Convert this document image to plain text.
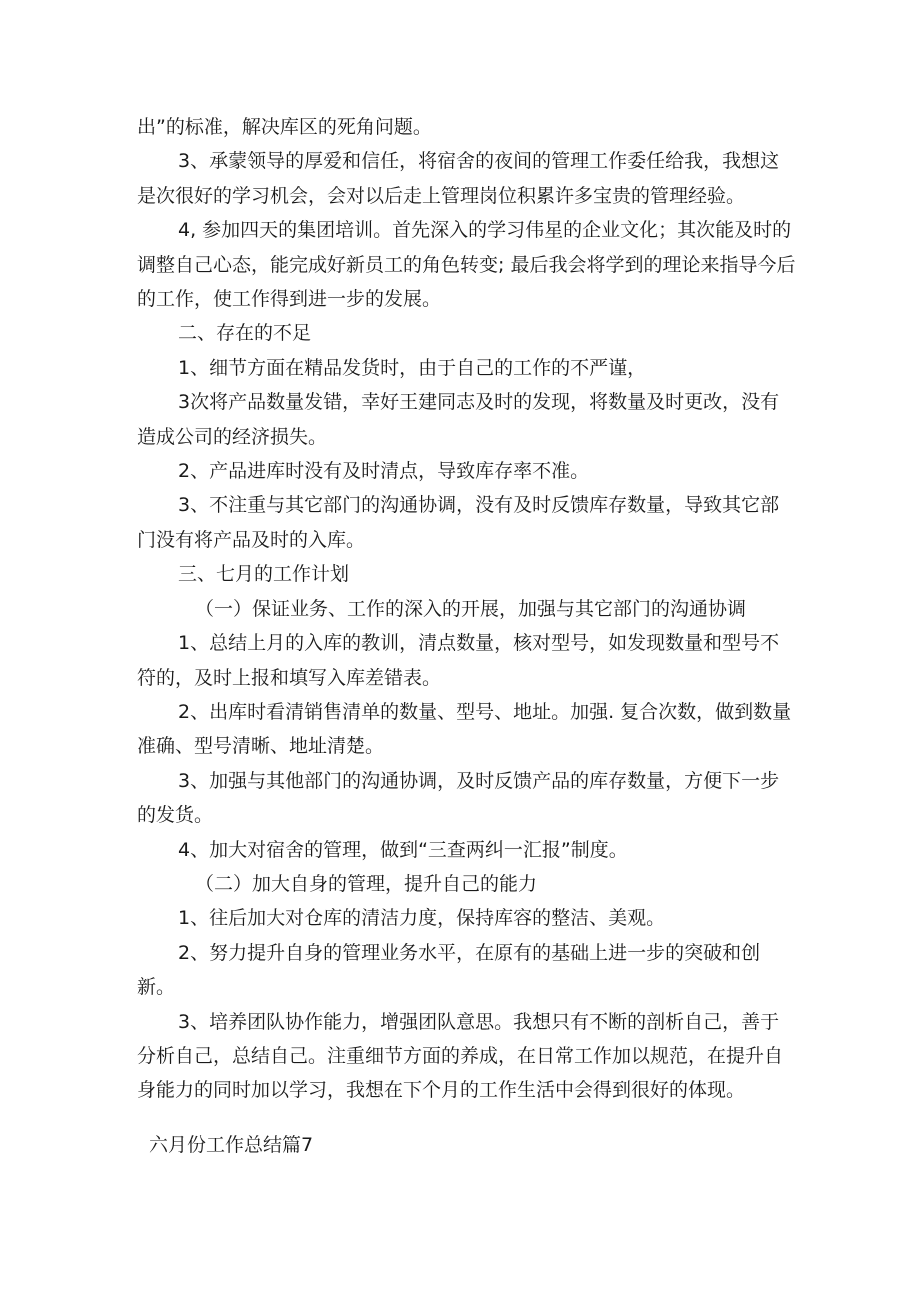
出”的标准，解决库区的死角问题。

3、承蒙领导的厚爱和信任，将宿舍的夜间的管理工作委任给我，我想这是次很好的学习机会，会对以后走上管理岗位积累许多宝贵的管理经验。

4, 参加四天的集团培训。首先深入的学习伟星的企业文化；其次能及时的调整自己心态，能完成好新员工的角色转变; 最后我会将学到的理论来指导今后的工作，使工作得到进一步的发展。

二、存在的不足

1、细节方面在精品发货时，由于自己的工作的不严谨，

3次将产品数量发错，幸好王建同志及时的发现，将数量及时更改，没有造成公司的经济损失。

2、产品进库时没有及时清点，导致库存率不准。

3、不注重与其它部门的沟通协调，没有及时反馈库存数量，导致其它部门没有将产品及时的入库。

三、七月的工作计划

（一）保证业务、工作的深入的开展，加强与其它部门的沟通协调

1、总结上月的入库的教训，清点数量，核对型号，如发现数量和型号不符的，及时上报和填写入库差错表。

2、出库时看清销售清单的数量、型号、地址。加强. 复合次数，做到数量准确、型号清晰、地址清楚。

3、加强与其他部门的沟通协调，及时反馈产品的库存数量，方便下一步的发货。

4、加大对宿舍的管理，做到“三查两纠一汇报”制度。

（二）加大自身的管理，提升自己的能力

1、往后加大对仓库的清洁力度，保持库容的整洁、美观。

2、努力提升自身的管理业务水平，在原有的基础上进一步的突破和创新。

3、培养团队协作能力，增强团队意思。我想只有不断的剖析自己，善于分析自己，总结自己。注重细节方面的养成，在日常工作加以规范，在提升自身能力的同时加以学习，我想在下个月的工作生活中会得到很好的体现。

六月份工作总结篇7
